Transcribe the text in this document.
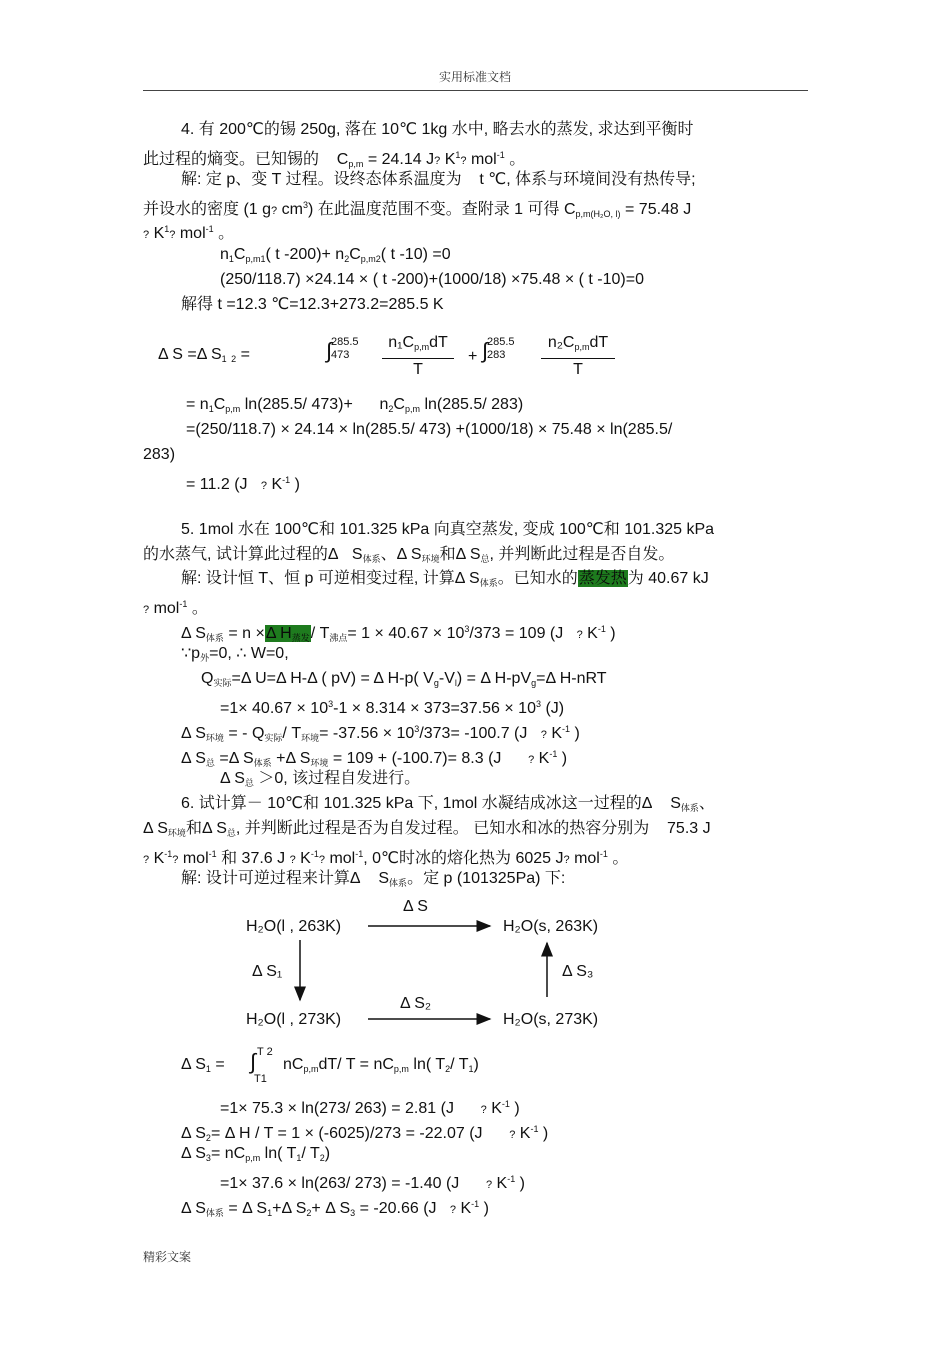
实用标准文档
4. 有 200℃的锡 250g, 落在 10℃ 1kg 水中, 略去水的蒸发, 求达到平衡时
此过程的熵变。已知锡的 $C_{p,m} = 24.14$ J? $K^1$? mol$^{-1}$ 。
解: 定 p、变 T 过程。设终态体系温度为 t ℃, 体系与环境间没有热传导;
并设水的密度 (1 g? $cm^3$) 在此温度范围不变。查附录 1 可得 $C_{p,m(H_2O, l)} = 75.48$ J
? $K^1$? mol$^{-1}$ 。
$n_1C_{p,m1}$( t $-200)+ n_2C_{p,m2}$( t -10) =0
(250/118.7) ×24.14 × ( t -200)+(1000/18) ×75.48 × ( t -10)=0
解得 t =12.3 ℃=12.3+273.2=285.5 K
Δ S =Δ $S_1$ $_2$ =	∫
285.5
473
$n_1C_{p,m}dT$
T
+ ∫
285.5
283
$n_2C_{p,m}dT$
T
= $n_1C_{p,m}$ ln(285.5/ $473)+ n_2C_{p,m}$ ln(285.5/ 283)
=(250/118.7) × 24.14 × ln(285.5/ 473) +(1000/18) × 75.48 × ln(285.5/
283)
= 11.2 (J ? $K^{-1}$ )
5. 1mol 水在 100℃和 101.325 kPa 向真空蒸发, 变成 100℃和 101.325 kPa
的水蒸气, 试计算此过程的Δ   $S_{体系}$、Δ $S_{环境}$和Δ $S_总$, 并判断此过程是否自发。
解: 设计恒 T、恒 p 可逆相变过程, 计算Δ $S_{体系}$。已知水的蒸发热为 40.67 kJ
? mol$^{-1}$ 。
Δ $S_{体系} = n \times\Delta$ $H_{蒸发}/$ $T_{沸点}= 1 \times 40.67 \times 10^3/373 = 109$ (J ? $K^{-1}$ )
$\because p_外=0$, ∴ W=0,
$Q_{实际}=\Delta$ U=Δ H-Δ ( pV) = Δ H-p( $V_g-V_l) = \Delta$ $H-pV_g=\Delta$ H-nRT
$=1\times 40.67 \times 10^3-1 \times 8.314 \times 373=37.56 \times 10^3$ (J)
Δ $S_{环境}$ = - $Q_{实际}/$ $T_{环境}= -37.56 \times 10^3/373= -100.7$ (J ? $K^{-1}$ )
Δ $S_总 =\Delta$ $S_{体系} +\Delta$ $S_{环境} = 109 + (-100.7)= 8.3$ (J ? $K^{-1}$ )
Δ $S_总 >0$, 该过程自发进行。
6. 试计算－ 10℃和 101.325 kPa 下, 1mol 水凝结成冰这一过程的Δ $S_{体系}$、
Δ $S_{环境}$和Δ $S_总$, 并判断此过程是否为自发过程。 已知水和冰的热容分别为 75.3 J
? $K^{-1}$? mol$^{-1}$ 和 37.6 J ? $K^{-1}$? mol$^{-1}$, 0℃时冰的熔化热为 6025 J? mol$^{-1}$ 。
解: 设计可逆过程来计算Δ $S_{体系}$。定 p (101325Pa) 下:
H₂O(l , 263K)	H₂O(s, 263K)
H₂O(l , 273K)	H₂O(s, 273K)
Δ S
Δ S₁	Δ S₃
Δ S₂
Δ $S_1$ = ∫ T 2
T1
$nC_{p,m}dT/$ $T = nC_{p,m}$ ln( $T_2/$ $T_1$)
=1× 75.3 × ln(273/ 263) = 2.81 (J ? $K^{-1}$ )
Δ $S_2= \Delta$ H / T = 1 × (-6025)/273 = -22.07 (J ? $K^{-1}$ )
Δ $S_3= nC_{p,m}$ ln( $T_1/$ $T_2$)
=1× 37.6 × ln(263/ 273) = -1.40 (J ? $K^{-1}$ )
Δ $S_{体系} = \Delta$ $S_1+\Delta$ $S_2+ \Delta$ $S_3 = -20.66$ (J ? $K^{-1}$ )
精彩文案
